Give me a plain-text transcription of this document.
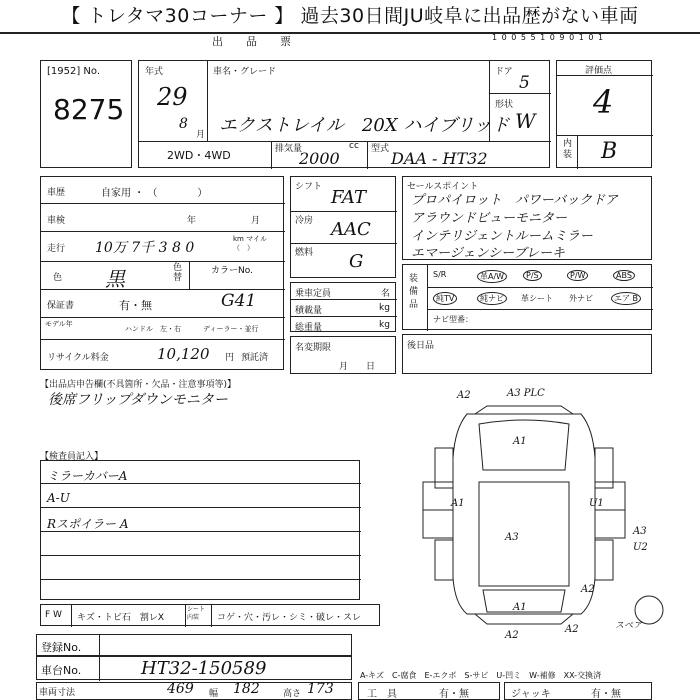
【 トレタマ30コーナー 】 過去30日間JU岐阜に出品歴がない車両
出　品　票	1 0 0 5 5 1 0 9 0 1 0 1
[1952] No.
8275
年式
29
8
月
車名・グレード
エクストレイル　20X ハイブリッド
ドア
5
形状
W
2WD・4WD	排気量
2000
cc 型式 DAA - HT32
評価点
4
内装 B
車歴	自家用 ・ （　　　　）
車検	年	月
走行 10万 7千 3 8 0
km マイル（　）
色 黒	色替
カラーNo.
保証書	有・無	G41
モデル年
ハンドル　左・右	ディーラー・並行
リサイクル料金	10,120 円 預託済
シフト FAT
冷房 AAC
燃料 G
乗車定員	名
積載量	kg
総重量	kg
名変期限
月　　日
セールスポイント
プロパイロット　パワーバックドア
アラウンドビューモニター
インテリジェントルームミラー
エマージェンシーブレーキ
装備品
S/R	革A/W	P/S	P/W	ABS
純TV	純ナビ	革シート 外ナビ	エア B
ナビ型番：
後日品
【出品店申告欄(不具箇所・欠品・注意事項等)】
後席フリップダウンモニター
【検査員記入】
ミラーカバーA
A-U
Rスポイラー A
A3 PLC
A2
A1
A1	U1
A3
A3
U2
A2
A1
A2
A2
スペア
F W キズ・トビ石　割レX
シート内装	コゲ・穴・汚レ・シミ・破レ・スレ
登録No.
車台No.	HT32-150589	A-キズ　C-腐食　E-エクボ　S-サビ　U-凹ミ　W-補修　XX-交換済
車両寸法	469 幅 182	高さ 173	工　具	有・無	ジャッキ	有・無
